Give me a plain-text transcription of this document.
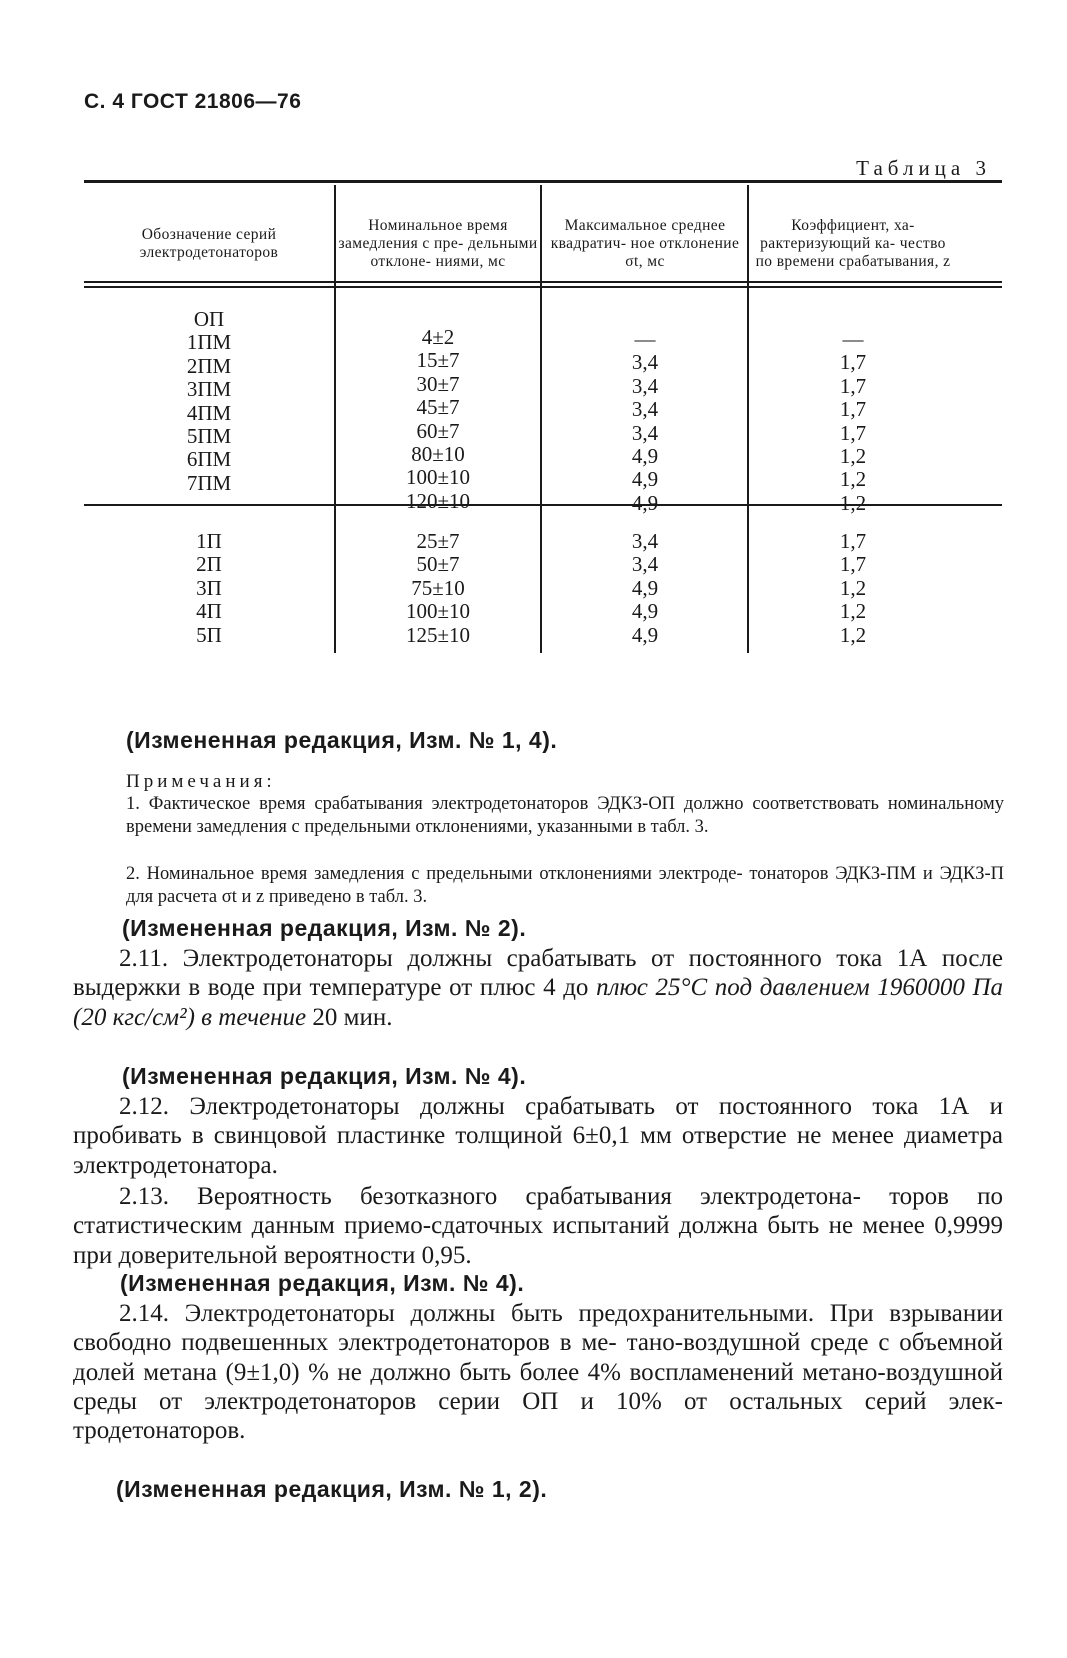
С. 4 ГОСТ 21806—76
Таблица 3
Обозначение серий электродетонаторов
Номинальное время замедления с пре- дельными отклоне- ниями, мс
Максимальное среднее квадратич- ное отклонение σt, мс
Коэффициент, ха- рактеризующий ка- чество по времени срабатывания, z
ОП
1ПМ
2ПМ
3ПМ
4ПМ
5ПМ
6ПМ
7ПМ
4±2
15±7
30±7
45±7
60±7
80±10
100±10
120±10
—
3,4
3,4
3,4
3,4
4,9
4,9
4,9
—
1,7
1,7
1,7
1,7
1,2
1,2
1,2
1П
2П
3П
4П
5П
25±7
50±7
75±10
100±10
125±10
3,4
3,4
4,9
4,9
4,9
1,7
1,7
1,2
1,2
1,2
(Измененная редакция, Изм. № 1, 4).
Примечания:
1. Фактическое время срабатывания электродетонаторов ЭДКЗ-ОП должно соответствовать номинальному времени замедления с предельными отклонениями, указанными в табл. 3.
2. Номинальное время замедления с предельными отклонениями электроде- тонаторов ЭДКЗ-ПМ и ЭДКЗ-П для расчета σt и z приведено в табл. 3.
(Измененная редакция, Изм. № 2).

2.11. Электродетонаторы должны срабатывать от постоянного тока 1А после выдержки в воде при температуре от плюс 4 до плюс 25°С под давлением 1960000 Па (20 кгс/см²) в течение 20 мин.

(Измененная редакция, Изм. № 4).

2.12. Электродетонаторы должны срабатывать от постоянного тока 1А и пробивать в свинцовой пластинке толщиной 6±0,1 мм отверстие не менее диаметра электродетонатора.

2.13. Вероятность безотказного срабатывания электродетона- торов по статистическим данным приемо-сдаточных испытаний должна быть не менее 0,9999 при доверительной вероятности 0,95.

(Измененная редакция, Изм. № 4).

2.14. Электродетонаторы должны быть предохранительными. При взрывании свободно подвешенных электродетонаторов в ме- тано-воздушной среде с объемной долей метана (9±1,0) % не должно быть более 4% воспламенений метано-воздушной среды от электродетонаторов серии ОП и 10% от остальных серий элек- тродетонаторов.

(Измененная редакция, Изм. № 1, 2).
